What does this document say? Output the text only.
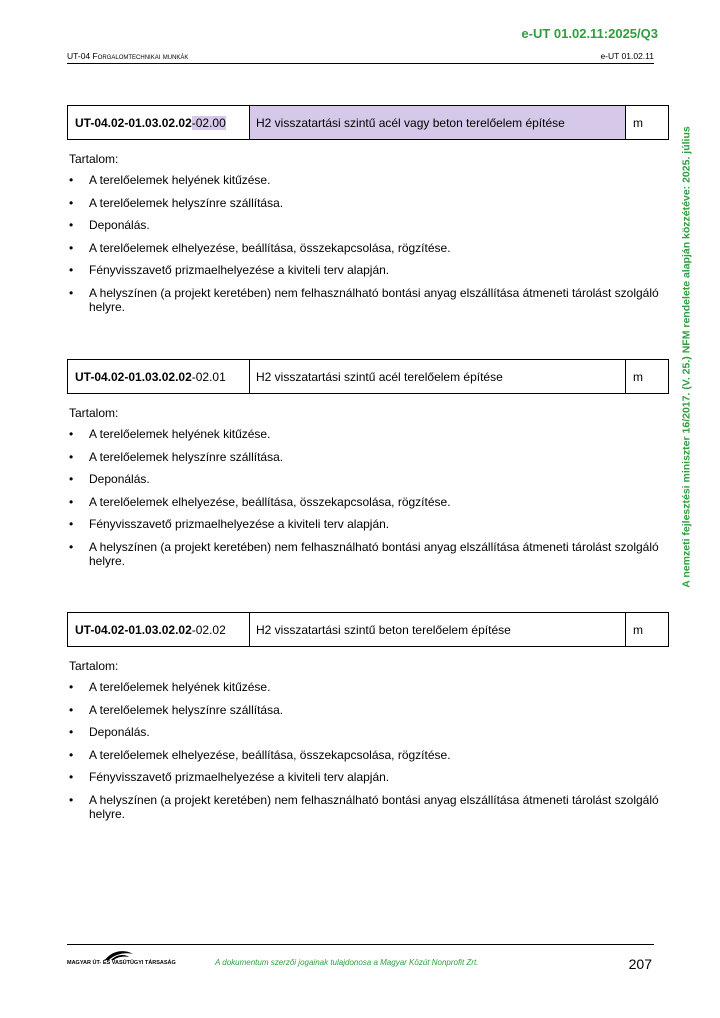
e-UT 01.02.11:2025/Q3
UT-04 Forgalomtechnikai munkák	e-UT 01.02.11
A nemzeti fejlesztési miniszter 16/2017. (V. 25.) NFM rendelete alapján közzétéve: 2025. július
UT-04.02-01.03.02.02 -02.00	H2 visszatartási szintű acél vagy beton terelőelem építése	m
Tartalom:
• A terelőelemek helyének kitűzése.
• A terelőelemek helyszínre szállítása.
• Deponálás.
• A terelőelemek elhelyezése, beállítása, összekapcsolása, rögzítése.
• Fényvisszavető prizmaelhelyezése a kiviteli terv alapján.
• A helyszínen (a projekt keretében) nem felhasználható bontási anyag elszállítása átmeneti tárolást szolgáló helyre.
UT-04.02-01.03.02.02 -02.01	H2 visszatartási szintű acél terelőelem építése	m
Tartalom:
• A terelőelemek helyének kitűzése.
• A terelőelemek helyszínre szállítása.
• Deponálás.
• A terelőelemek elhelyezése, beállítása, összekapcsolása, rögzítése.
• Fényvisszavető prizmaelhelyezése a kiviteli terv alapján.
• A helyszínen (a projekt keretében) nem felhasználható bontási anyag elszállítása átmeneti tárolást szolgáló helyre.
UT-04.02-01.03.02.02 -02.02	H2 visszatartási szintű beton terelőelem építése	m
Tartalom:
• A terelőelemek helyének kitűzése.
• A terelőelemek helyszínre szállítása.
• Deponálás.
• A terelőelemek elhelyezése, beállítása, összekapcsolása, rögzítése.
• Fényvisszavető prizmaelhelyezése a kiviteli terv alapján.
• A helyszínen (a projekt keretében) nem felhasználható bontási anyag elszállítása átmeneti tárolást szolgáló helyre.
MAGYAR ÚT- ÉS VASÚTÜGYI TÁRSASÁG	A dokumentum szerzői jogainak tulajdonosa a Magyar Közút Nonprofit Zrt.	207
